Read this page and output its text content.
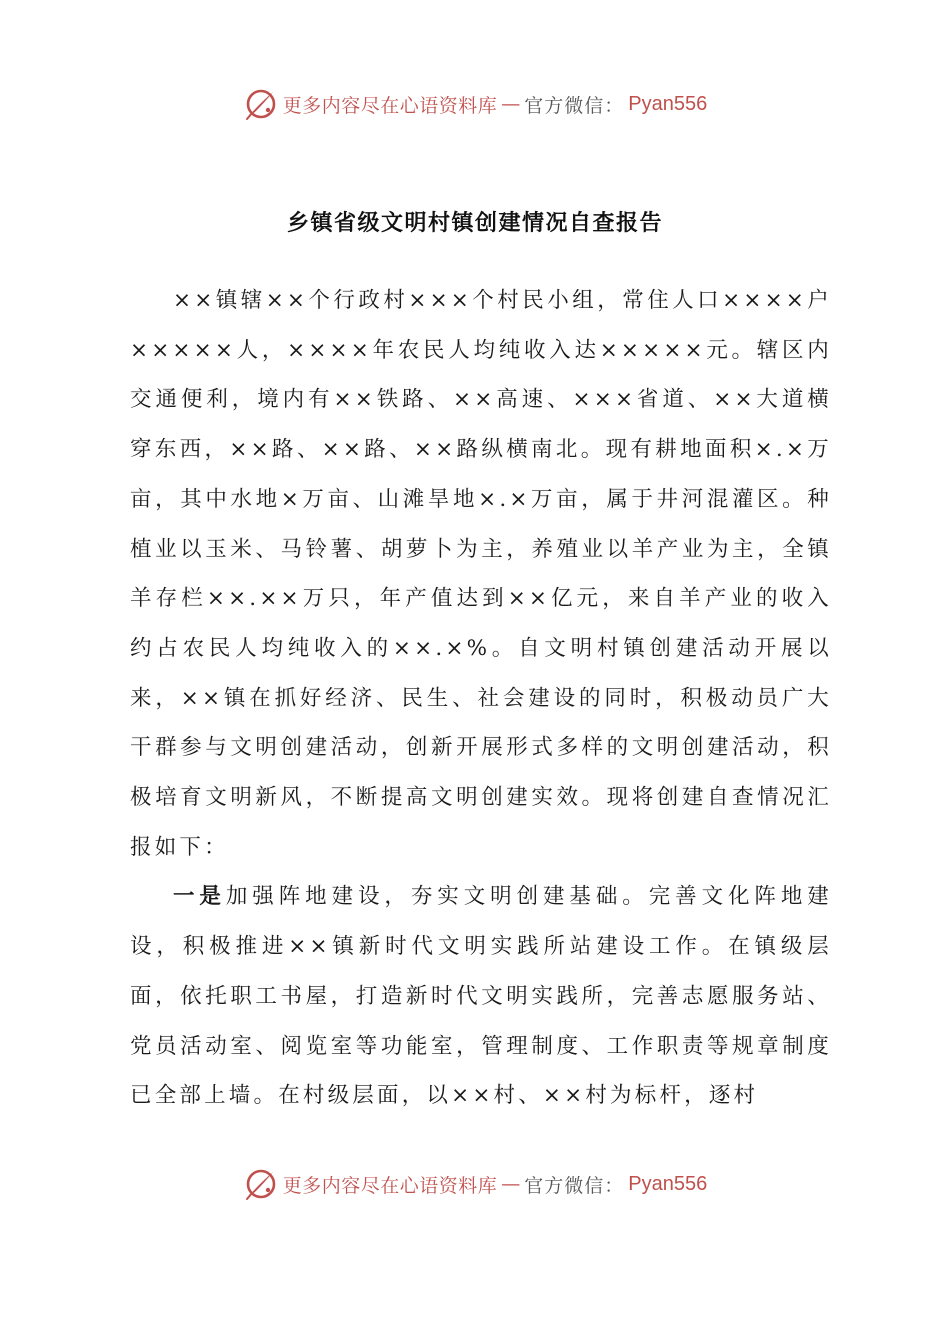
更多内容尽在心语资料库 — 官方微信： Pyan556
乡镇省级文明村镇创建情况自查报告

××镇辖××个行政村×××个村民小组，常住人口××××户×××××人，××××年农民人均纯收入达×××××元。辖区内交通便利，境内有××铁路、××高速、×××省道、××大道横穿东西，××路、××路、××路纵横南北。现有耕地面积×.×万亩，其中水地×万亩、山滩旱地×.×万亩，属于井河混灌区。种植业以玉米、马铃薯、胡萝卜为主，养殖业以羊产业为主，全镇羊存栏××.××万只，年产值达到××亿元，来自羊产业的收入约占农民人均纯收入的××.×%。自文明村镇创建活动开展以来，××镇在抓好经济、民生、社会建设的同时，积极动员广大干群参与文明创建活动，创新开展形式多样的文明创建活动，积极培育文明新风，不断提高文明创建实效。现将创建自查情况汇报如下：

一是加强阵地建设，夯实文明创建基础。完善文化阵地建设，积极推进××镇新时代文明实践所站建设工作。在镇级层面，依托职工书屋，打造新时代文明实践所，完善志愿服务站、党员活动室、阅览室等功能室，管理制度、工作职责等规章制度已全部上墙。在村级层面，以××村、××村为标杆，逐村

更多内容尽在心语资料库 — 官方微信： Pyan556
